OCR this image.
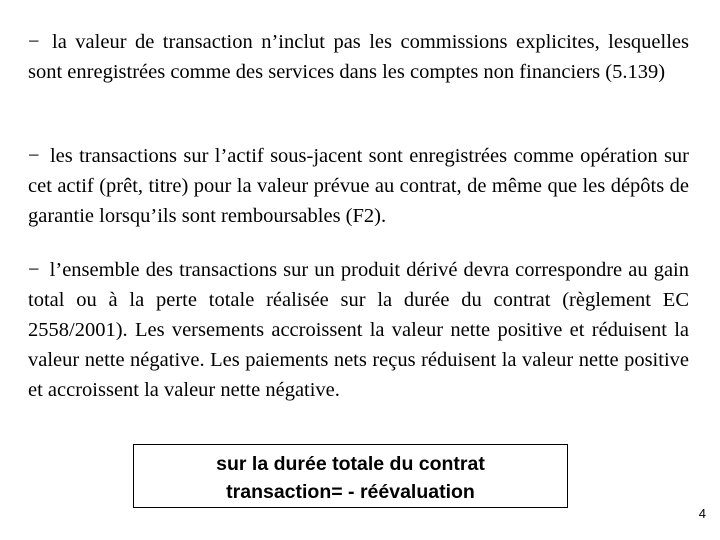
− la valeur de transaction n’inclut pas les commissions explicites, lesquelles sont enregistrées comme des services dans les comptes non financiers (5.139)

− les transactions sur l’actif sous-jacent sont enregistrées comme opération sur cet actif (prêt, titre) pour la valeur prévue au contrat, de même que les dépôts de garantie lorsqu’ils sont remboursables (F2).

− l’ensemble des transactions sur un produit dérivé devra correspondre au gain total ou à la perte totale réalisée sur la durée du contrat (règlement EC 2558/2001). Les versements accroissent la valeur nette positive et réduisent la valeur nette négative. Les paiements nets reçus réduisent la valeur nette positive et accroissent la valeur nette négative.

sur la durée totale du contrat
transaction= - réévaluation
4
